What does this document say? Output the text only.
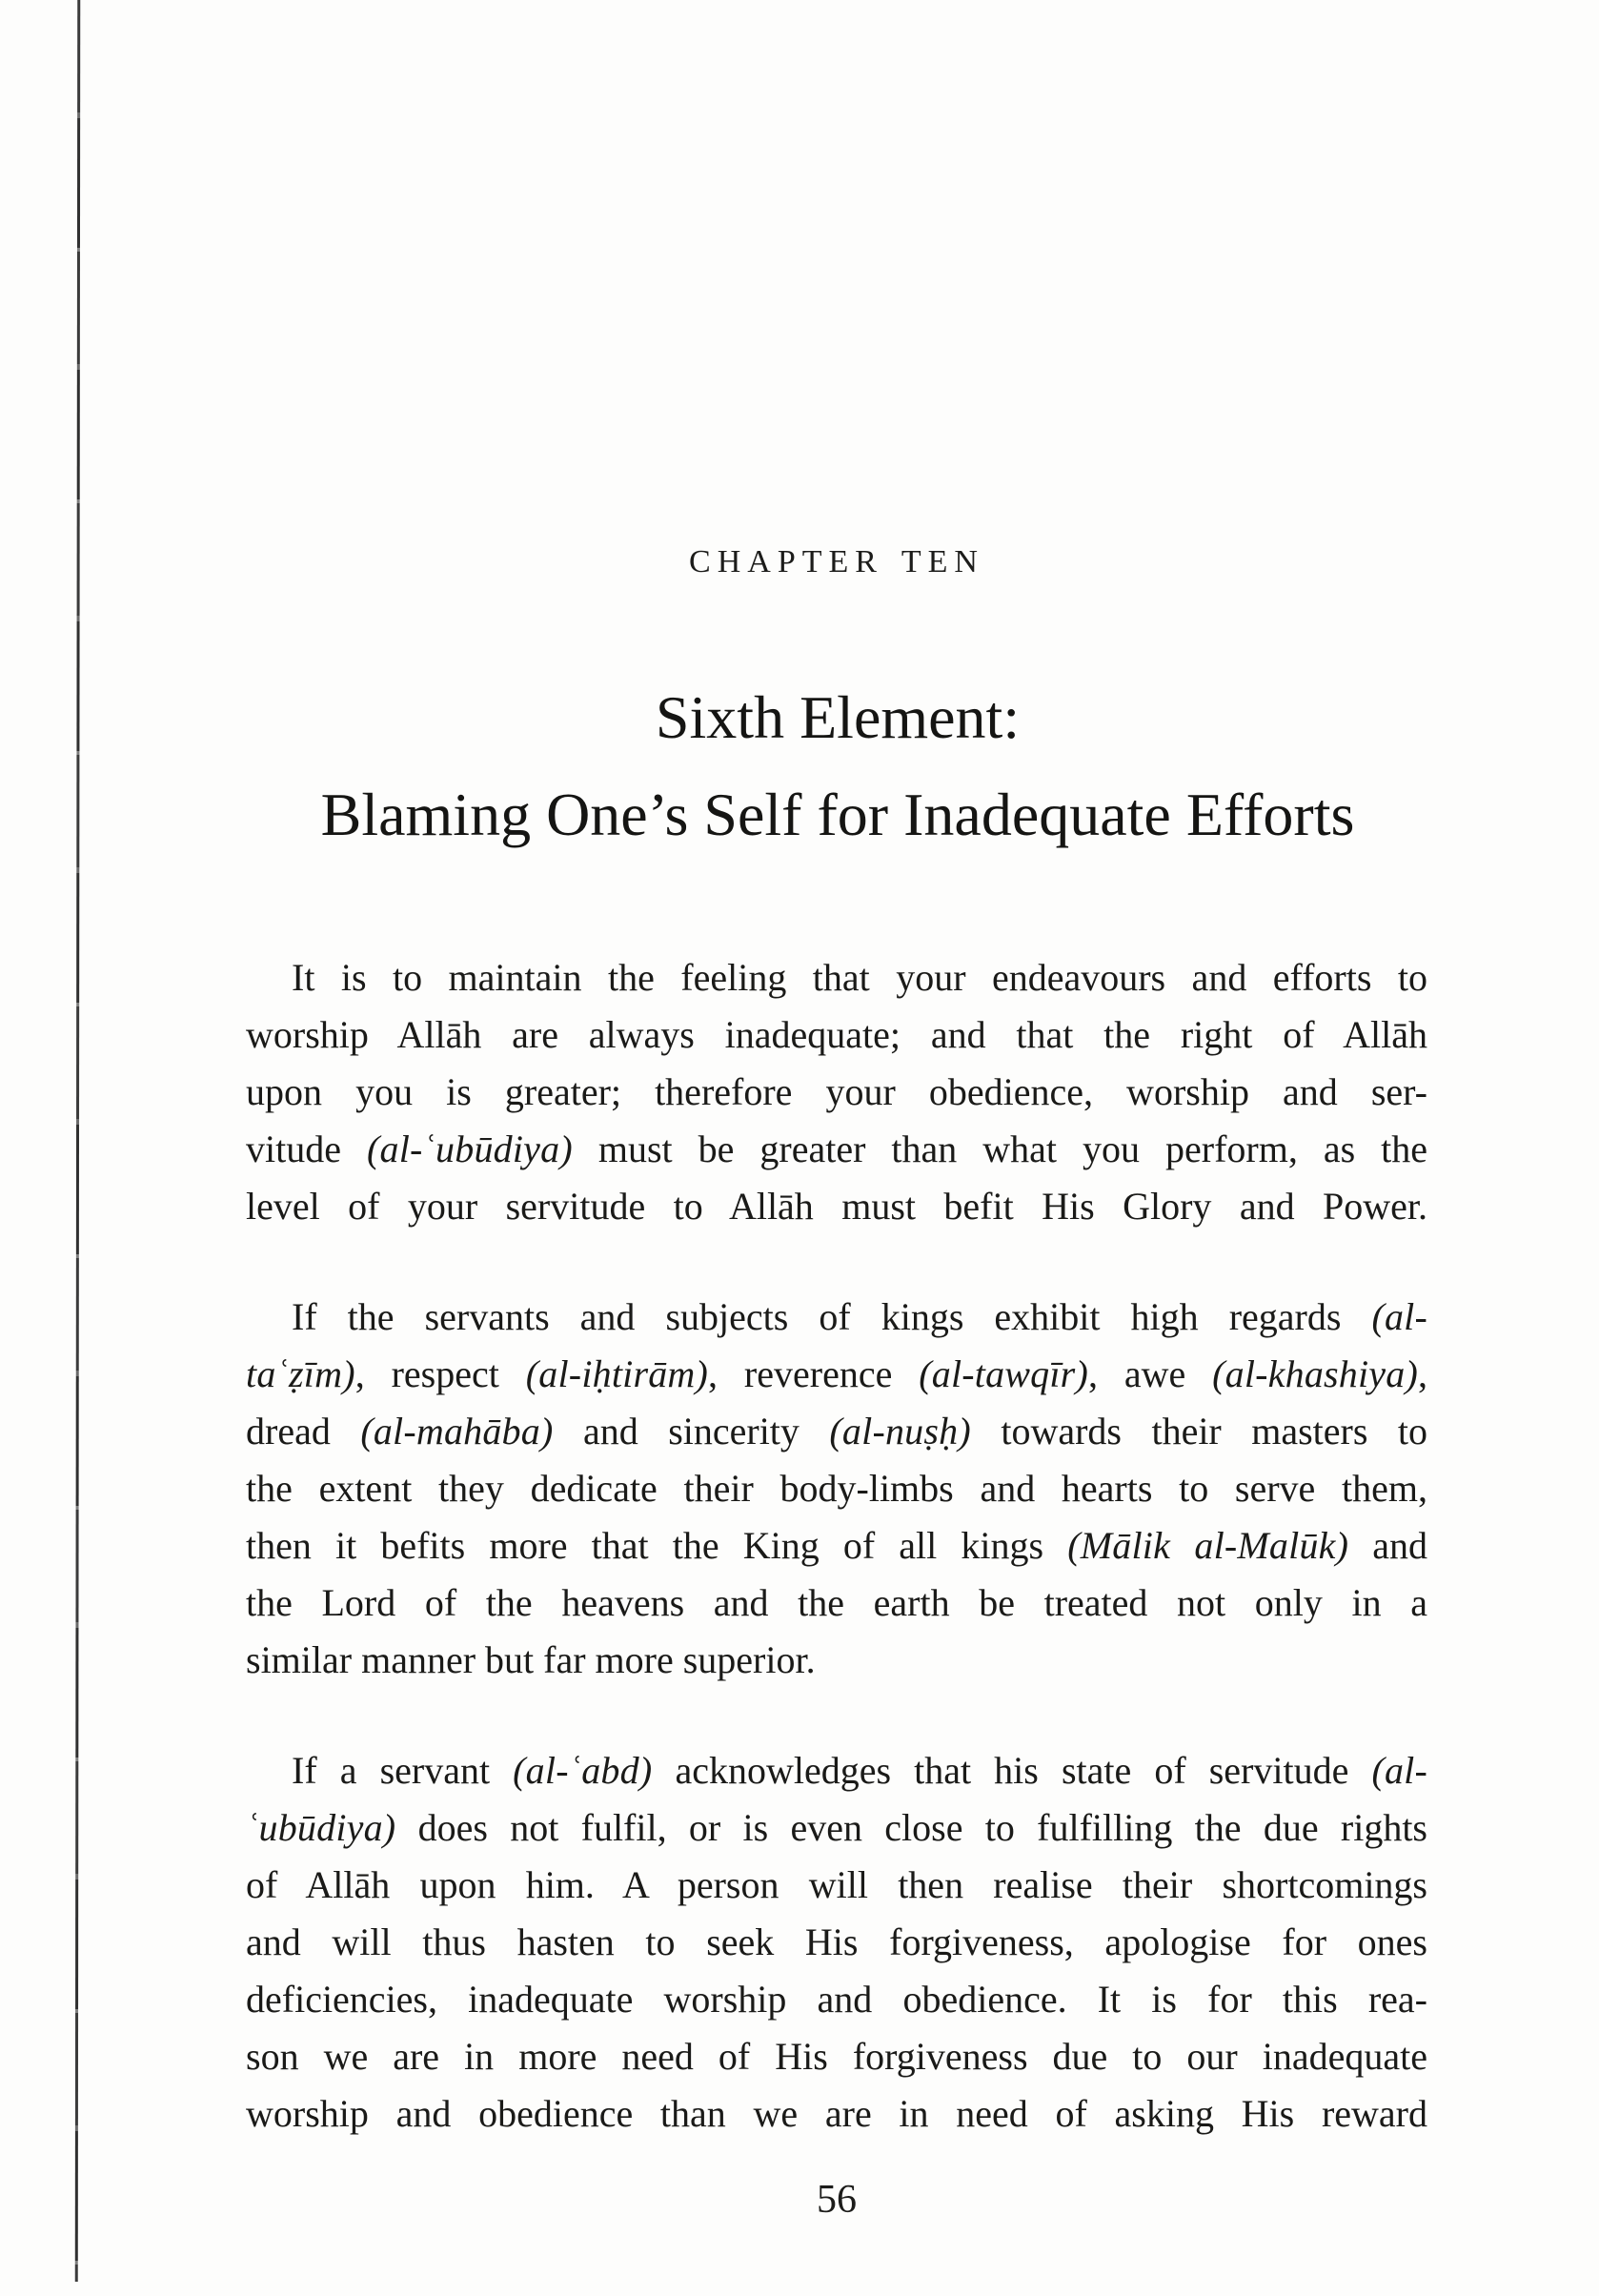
CHAPTER TEN
Sixth Element:
Blaming One’s Self for Inadequate Efforts
It is to maintain the feeling that your endeavours and efforts to
worship Allāh are always inadequate; and that the right of Allāh
upon you is greater; therefore your obedience, worship and ser-
vitude (al-ʿubūdiya) must be greater than what you perform, as the
level of your servitude to Allāh must befit His Glory and Power.
If the servants and subjects of kings exhibit high regards (al-
taʿẓīm), respect (al-iḥtirām), reverence (al-tawqīr), awe (al-khashiya),
dread (al-mahāba) and sincerity (al-nuṣḥ) towards their masters to
the extent they dedicate their body-limbs and hearts to serve them,
then it befits more that the King of all kings (Mālik al-Malūk) and
the Lord of the heavens and the earth be treated not only in a
similar manner but far more superior.
If a servant (al-ʿabd) acknowledges that his state of servitude (al-
ʿubūdiya) does not fulfil, or is even close to fulfilling the due rights
of Allāh upon him. A person will then realise their shortcomings
and will thus hasten to seek His forgiveness, apologise for ones
deficiencies, inadequate worship and obedience. It is for this rea-
son we are in more need of His forgiveness due to our inadequate
worship and obedience than we are in need of asking His reward
56
